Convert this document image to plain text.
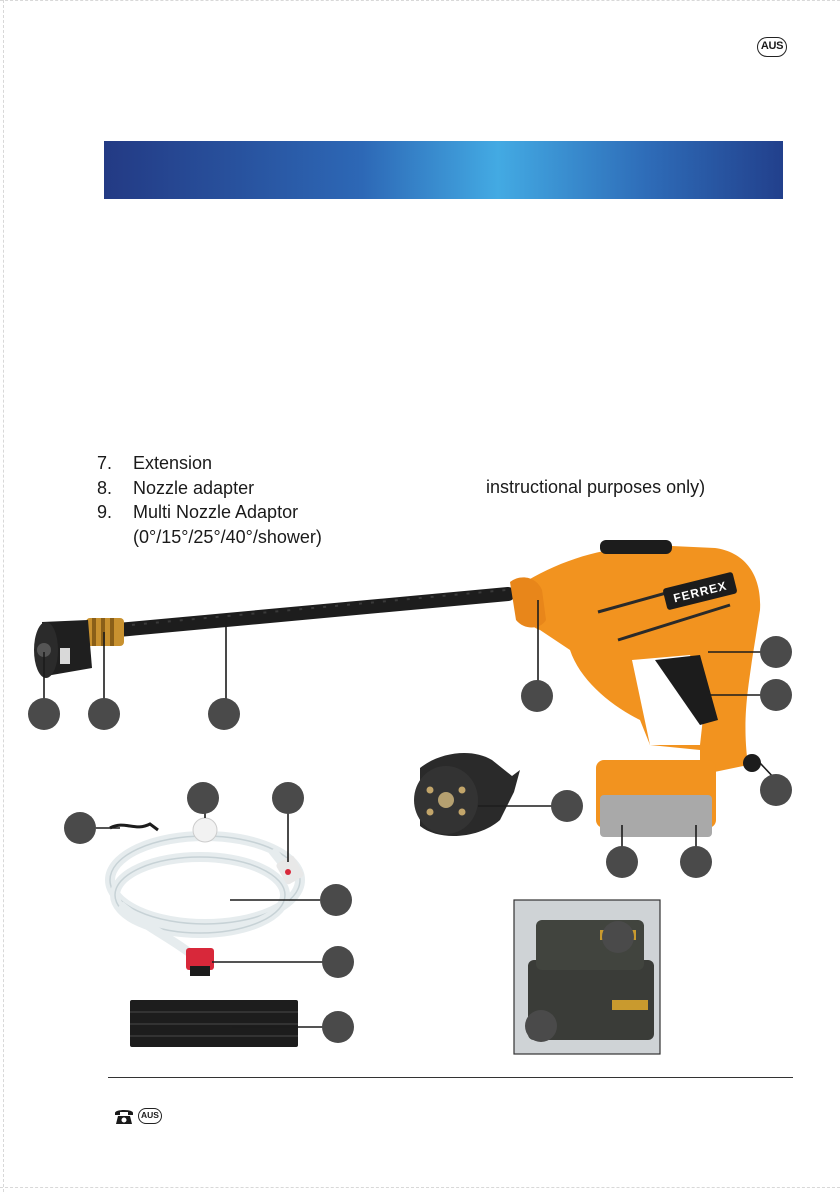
AUS
7.	Extension
8.	Nozzle adapter
9.	Multi Nozzle Adaptor
(0°/15°/25°/40°/shower)
instructional purposes only)
FERREX
AUS
